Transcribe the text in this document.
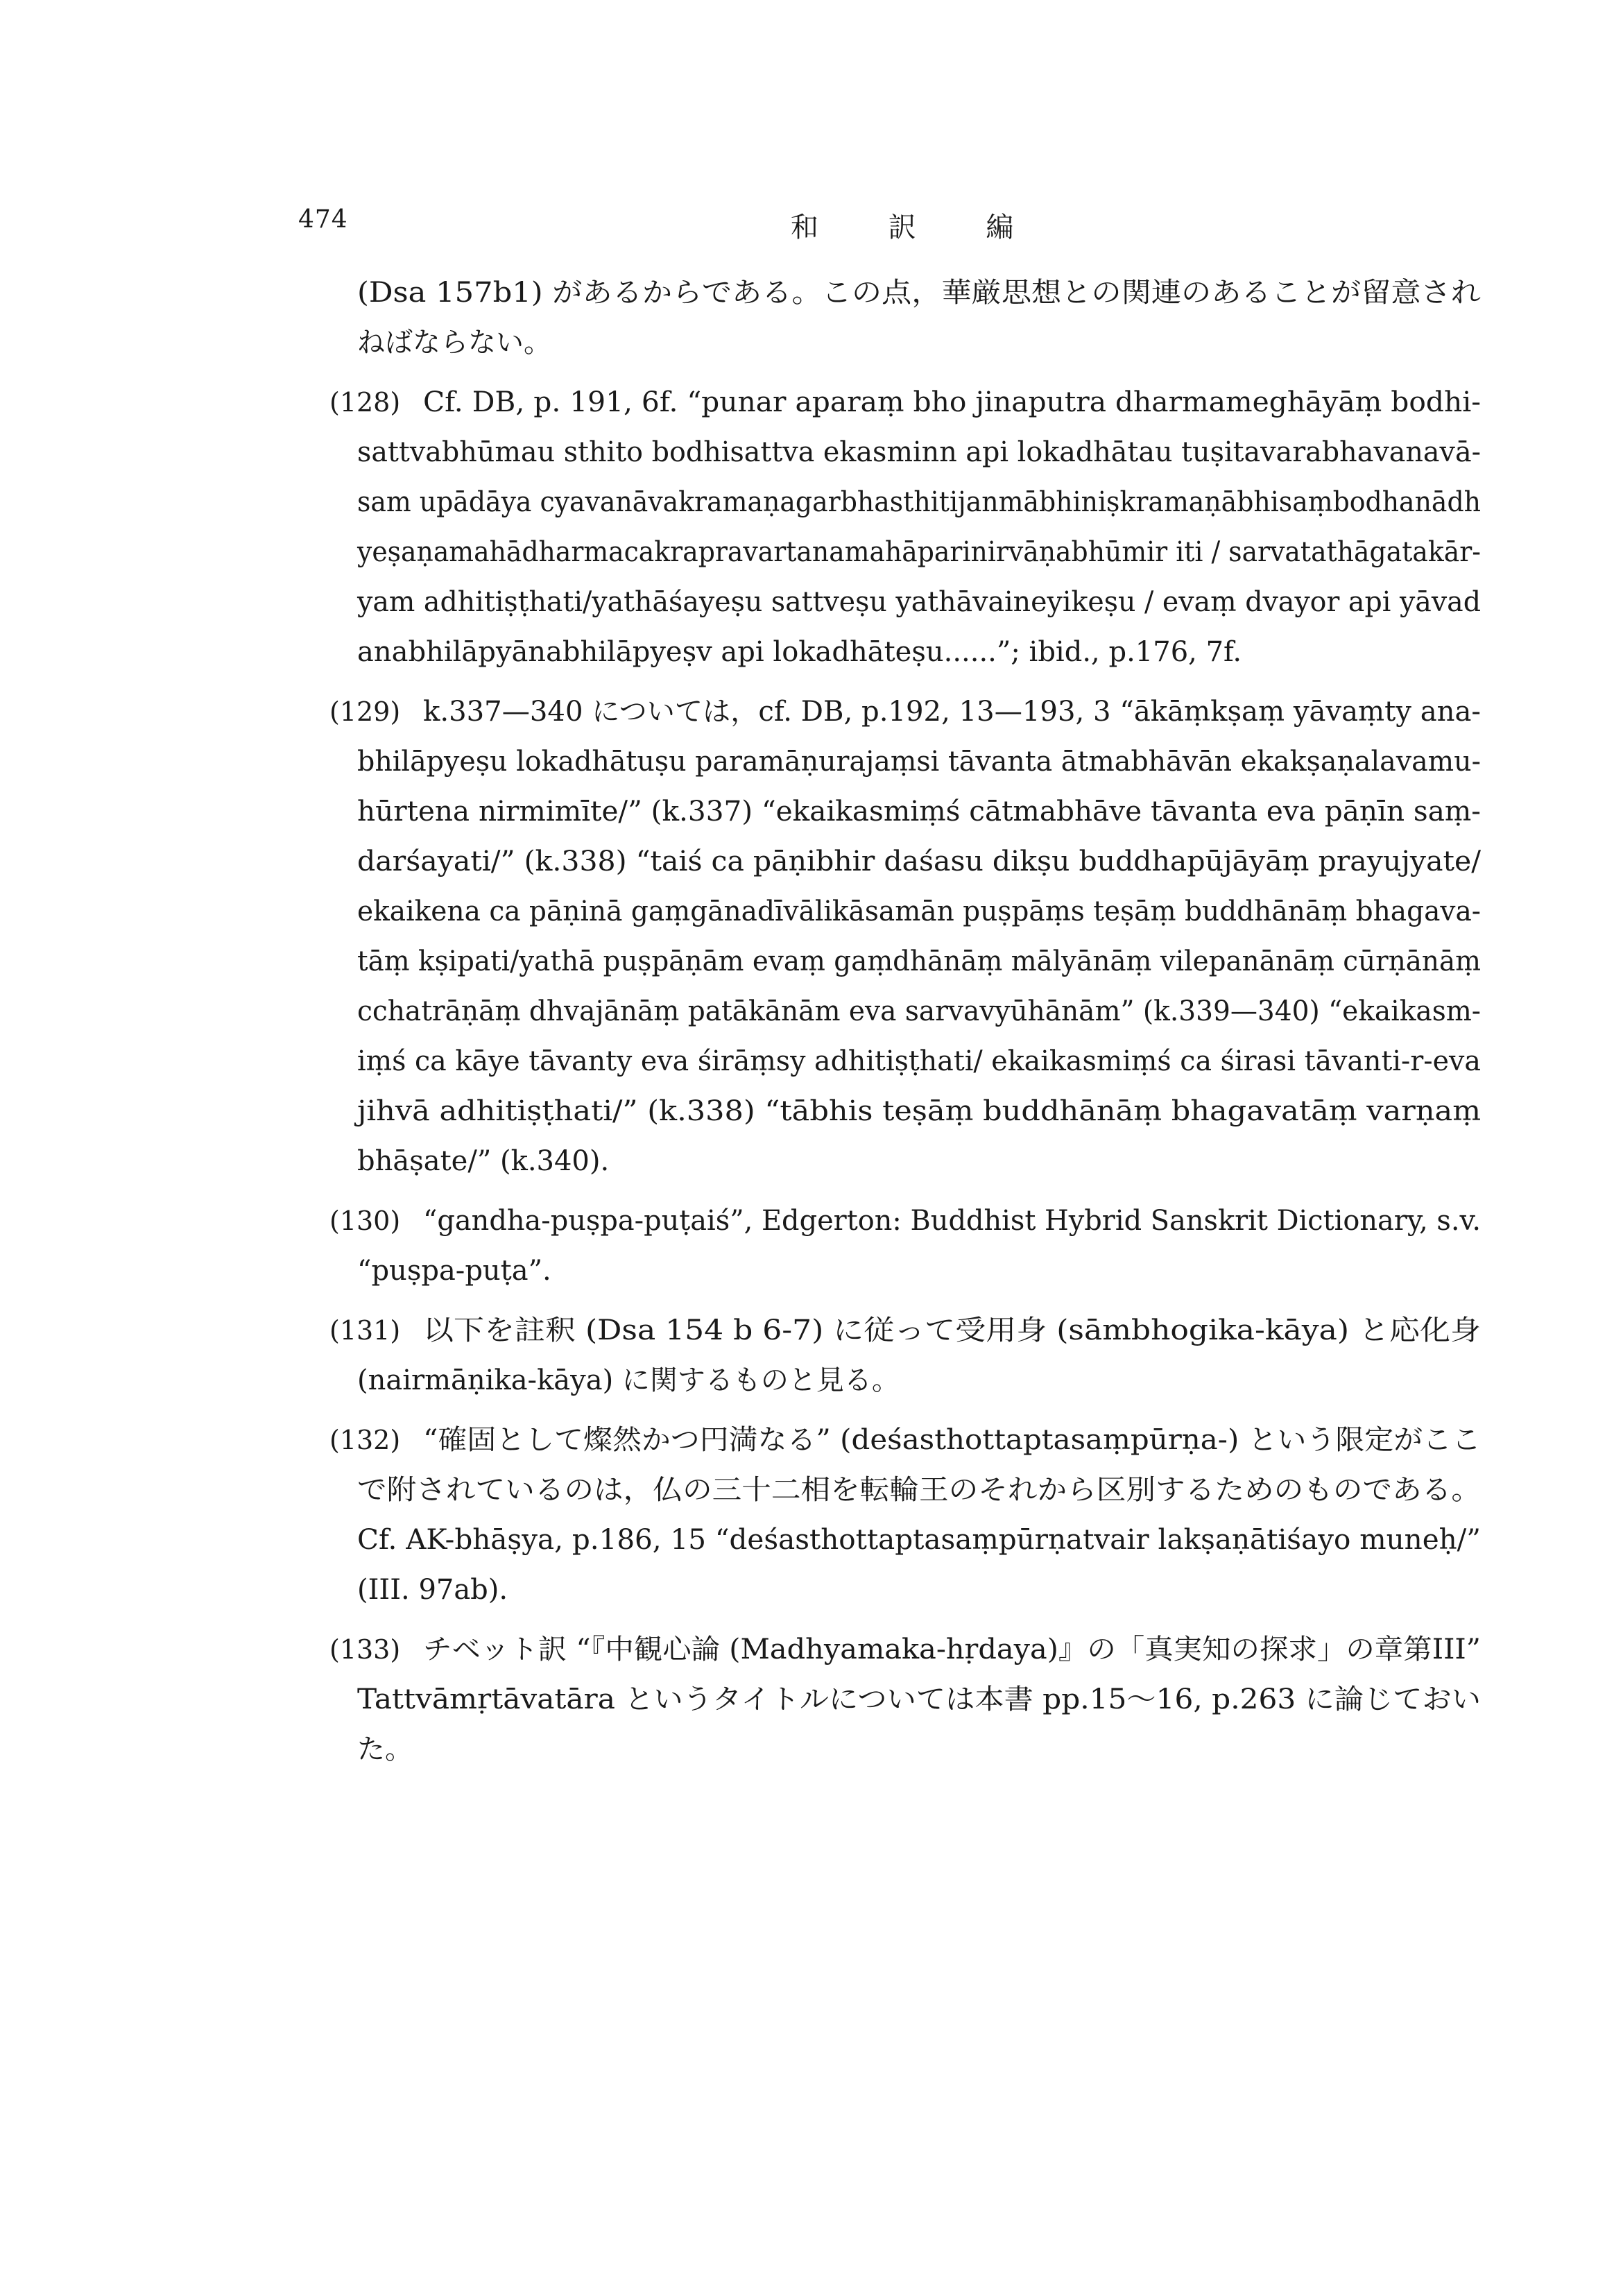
474	和 訳 編
(Dsa 157b1) があるからである。この点，華厳思想との関連のあることが留意され
ねばならない。
(128) Cf. DB, p. 191, 6f. “punar aparaṃ bho jinaputra dharmameghāyāṃ bodhi-
sattvabhūmau sthito bodhisattva ekasminn api lokadhātau tuṣitavarabhavanavā-
sam upādāya cyavanāvakramaṇagarbhasthitijanmābhiniṣkramaṇābhisaṃbodhanādh
yeṣaṇamahādharmacakrapravartanamahāparinirvāṇabhūmir iti / sarvatathāgatakār-
yam adhitiṣṭhati/yathāśayeṣu sattveṣu yathāvaineyikeṣu / evaṃ dvayor api yāvad
anabhilāpyānabhilāpyeṣv api lokadhāteṣu......”; ibid., p.176, 7f.
(129) k.337—340 については，cf. DB, p.192, 13—193, 3 “ākāṃkṣaṃ yāvaṃty ana-
bhilāpyeṣu lokadhātuṣu paramāṇurajaṃsi tāvanta ātmabhāvān ekakṣaṇalavamu-
hūrtena nirmimīte/” (k.337) “ekaikasmiṃś cātmabhāve tāvanta eva pāṇīn saṃ-
darśayati/” (k.338) “taiś ca pāṇibhir daśasu dikṣu buddhapūjāyāṃ prayujyate/
ekaikena ca pāṇinā gaṃgānadīvālikāsamān puṣpāṃs teṣāṃ buddhānāṃ bhagava-
tāṃ kṣipati/yathā puṣpāṇām evaṃ gaṃdhānāṃ mālyānāṃ vilepanānāṃ cūrṇānāṃ
cchatrāṇāṃ dhvajānāṃ patākānām eva sarvavyūhānām” (k.339—340) “ekaikasm-
iṃś ca kāye tāvanty eva śirāṃsy adhitiṣṭhati/ ekaikasmiṃś ca śirasi tāvanti-r-eva
jihvā adhitiṣṭhati/” (k.338) “tābhis teṣāṃ buddhānāṃ bhagavatāṃ varṇaṃ
bhāṣate/” (k.340).
(130) “gandha-puṣpa-puṭaiś”, Edgerton: Buddhist Hybrid Sanskrit Dictionary, s.v.
“puṣpa-puṭa”.
(131) 以下を註釈 (Dsa 154 b 6-7) に従って受用身 (sāmbhogika-kāya) と応化身
(nairmāṇika-kāya) に関するものと見る。
(132) “確固として燦然かつ円満なる” (deśasthottaptasaṃpūrṇa-) という限定がここ
で附されているのは，仏の三十二相を転輪王のそれから区別するためのものである。
Cf. AK-bhāṣya, p.186, 15 “deśasthottaptasaṃpūrṇatvair lakṣaṇātiśayo muneḥ/”
(III. 97ab).
(133) チベット訳 “『中観心論 (Madhyamaka-hṛdaya)』の「真実知の探求」の章第III”
Tattvāmṛtāvatāra というタイトルについては本書 pp.15～16, p.263 に論じておい
た。
